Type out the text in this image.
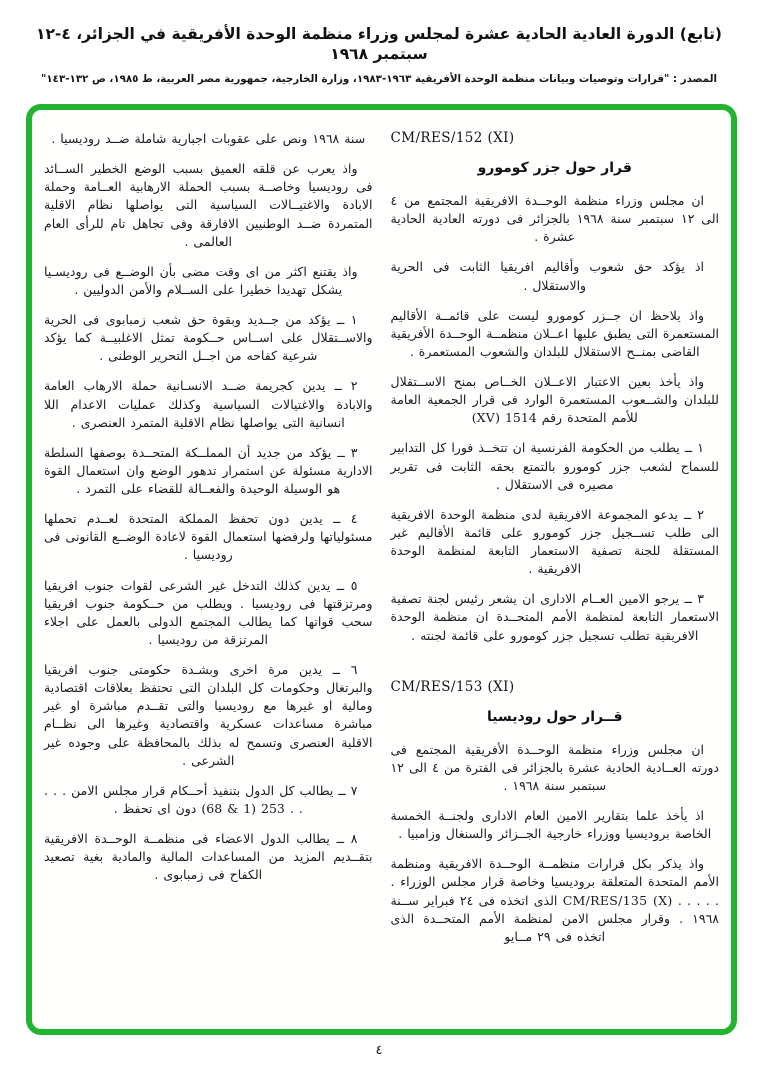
(تابع) الدورة العادية الحادية عشرة لمجلس وزراء منظمة الوحدة الأفريقية في الجزائر، ٤-١٢ سبتمبر ١٩٦٨
المصدر : "قرارات وتوصيات وبيانات منظمة الوحدة الأفريقية ١٩٦٣-١٩٨٣، وزارة الخارجية، جمهورية مصر العربية، ط ١٩٨٥، ص ١٣٢-١٤٣"
CM/RES/152 (XI)
قرار حول جزر كومورو

ان مجلس وزراء منظمة الوحــدة الافريقية المجتمع من ٤ الى ١٢ سبتمبر سنة ١٩٦٨ بالجزائر فى دورته العادية الحادية عشرة .

اذ يؤكد حق شعوب وأقاليم افريقيا الثابت فى الحرية والاستقلال .

واذ يلاحظ ان جــزر كومورو ليست على قائمــة الأقاليم المستعمرة التى يطبق عليها اعــلان منظمــة الوحــدة الأفريقية القاضى بمنــح الاستقلال للبلدان والشعوب المستعمرة .

واذ يأخذ بعين الاعتبار الاعــلان الخــاص بمنح الاســتقلال للبلدان والشــعوب المستعمرة الوارد فى قرار الجمعية العامة للأمم المتحدة رقم (XV) 1514

١ ــ يطلب من الحكومة الفرنسية ان تتخــذ فورا كل التدابير للسماح لشعب جزر كومورو بالتمتع بحقه الثابت فى تقرير مصيره فى الاستقلال .

٢ ــ يدعو المجموعة الافريقية لدى منظمة الوحدة الافريقية الى طلب تســجيل جزر كومورو على قائمة الأقاليم غير المستقلة للجنة تصفية الاستعمار التابعة لمنظمة الوحدة الافريقية .

٣ ــ يرجو الامين العــام الادارى ان يشعر رئيس لجنة تصفية الاستعمار التابعة لمنظمة الأمم المتحــدة ان منظمة الوحدة الافريقية تطلب تسجيل جزر كومورو على قائمة لجنته .

CM/RES/153 (XI)
قــرار حول روديسيا

ان مجلس وزراء منظمة الوحــدة الأفريقية المجتمع فى دورته العــادية الحادية عشرة بالجزائر فى الفترة من ٤ الى ١٢ سبتمبر سنة ١٩٦٨ .

اذ يأخذ علما بتقارير الامين العام الادارى ولجنــة الخمسة الخاصة بروديسيا ووزراء خارجية الجــزائر والسنغال وزامبيا .

واذ يذكر بكل قرارات منظمــة الوحــدة الافريقية ومنظمة الأمم المتحدة المتعلقة بروديسيا وخاصة قرار مجلس الوزراء . . . . . . CM/RES/135 (X) الذى اتخذه فى ٢٤ فبراير ســنة ١٩٦٨ . وقرار مجلس الامن لمنظمة الأمم المتحــدة الذى اتخذه فى ٢٩ مــايو

سنة ١٩٦٨ ونص على عقوبات اجبارية شاملة ضــد روديسيا .

واذ يعرب عن قلقه العميق بسبب الوضع الخطير الســائد فى روديسيا وخاصــة بسبب الحملة الارهابية العــامة وحملة الابادة والاغتيــالات السياسية التى يواصلها نظام الاقلية المتمردة ضــد الوطنيين الافارقة وفى تجاهل تام للرأى العام العالمى .

واذ يقتنع اكثر من اى وقت مضى بأن الوضــع فى روديسـيا يشكل تهديدا خطيرا على الســلام والأمن الدوليين .

١ ــ يؤكد من جــديد وبقوة حق شعب زمبابوى فى الحرية والاســتقلال على اســاس حــكومة تمثل الاغلبيــة كما يؤكد شرعية كفاحه من اجــل التحرير الوطنى .

٢ ــ يدين كجريمة ضــد الانسـانية حملة الارهاب العامة والابادة والاغتيالات السياسية وكذلك عمليات الاعدام اللا انسانية التى يواصلها نظام الاقلية المتمرد العنصرى .

٣ ــ يؤكد من جديد أن المملــكة المتحــدة بوصفها السلطة الادارية مسئولة عن استمرار تدهور الوضع وان استعمال القوة هو الوسيلة الوحيدة والفعــالة للقضاء على التمرد .

٤ ــ يدين دون تحفظ المملكة المتحدة لعــدم تحملها مسئولياتها ولرفضها استعمال القوة لاعادة الوضــع القانونى فى روديسيا .

٥ ــ يدين كذلك التدخل غير الشرعى لقوات جنوب افريقيا ومرتزقتها فى روديسيا . ويطلب من حــكومة جنوب افريقيا سحب قواتها كما يطالب المجتمع الدولى بالعمل على اجلاء المرتزقة من روديسيا .

٦ ــ يدين مرة اخرى وبشـدة حكومتى جنوب افريقيا والبرتغال وحكومات كل البلدان التى تحتفظ بعلاقات اقتصادية ومالية او غيرها مع روديسيا والتى تقــدم مباشرة او غير مباشرة مساعدات عسكرية واقتصادية وغيرها الى نظــام الاقلية العنصرى وتسمح له بذلك بالمحافظة على وجوده غير الشرعى .

٧ ــ يطالب كل الدول بتنفيذ أحــكام قرار مجلس الامن . . . . . (68 & 1) 253 دون اى تحفظ .

٨ ــ يطالب الدول الاعضاء فى منظمــة الوحــدة الافريقية بتقــديم المزيد من المساعدات المالية والمادية بغية تصعيد الكفاح فى زمبابوى .

٤
